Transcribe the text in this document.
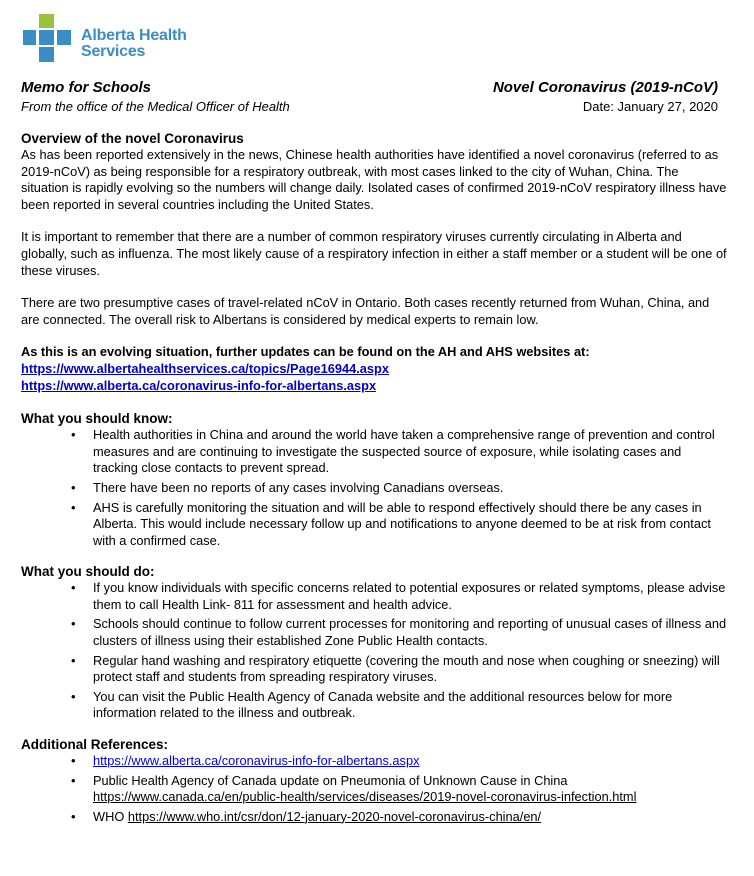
Alberta Health
Services
Memo for Schools
From the office of the Medical Officer of Health
Novel Coronavirus (2019-nCoV)
Date: January 27, 2020
Overview of the novel Coronavirus

As has been reported extensively in the news, Chinese health authorities have identified a novel coronavirus (referred to as 2019-nCoV) as being responsible for a respiratory outbreak, with most cases linked to the city of Wuhan, China. The situation is rapidly evolving so the numbers will change daily. Isolated cases of confirmed 2019-nCoV respiratory illness have been reported in several countries including the United States.

It is important to remember that there are a number of common respiratory viruses currently circulating in Alberta and globally, such as influenza. The most likely cause of a respiratory infection in either a staff member or a student will be one of these viruses.

There are two presumptive cases of travel-related nCoV in Ontario. Both cases recently returned from Wuhan, China, and are connected. The overall risk to Albertans is considered by medical experts to remain low.

As this is an evolving situation, further updates can be found on the AH and AHS websites at:
https://www.albertahealthservices.ca/topics/Page16944.aspx
https://www.alberta.ca/coronavirus-info-for-albertans.aspx
What you should know:
• Health authorities in China and around the world have taken a comprehensive range of prevention and control measures and are continuing to investigate the suspected source of exposure, while isolating cases and tracking close contacts to prevent spread.
• There have been no reports of any cases involving Canadians overseas.
• AHS is carefully monitoring the situation and will be able to respond effectively should there be any cases in Alberta. This would include necessary follow up and notifications to anyone deemed to be at risk from contact with a confirmed case.
What you should do:
• If you know individuals with specific concerns related to potential exposures or related symptoms, please advise them to call Health Link- 811 for assessment and health advice.
• Schools should continue to follow current processes for monitoring and reporting of unusual cases of illness and clusters of illness using their established Zone Public Health contacts.
• Regular hand washing and respiratory etiquette (covering the mouth and nose when coughing or sneezing) will protect staff and students from spreading respiratory viruses.
• You can visit the Public Health Agency of Canada website and the additional resources below for more information related to the illness and outbreak.
Additional References:
• https://www.alberta.ca/coronavirus-info-for-albertans.aspx
• Public Health Agency of Canada update on Pneumonia of Unknown Cause in China
https://www.canada.ca/en/public-health/services/diseases/2019-novel-coronavirus-infection.html
• WHO https://www.who.int/csr/don/12-january-2020-novel-coronavirus-china/en/
